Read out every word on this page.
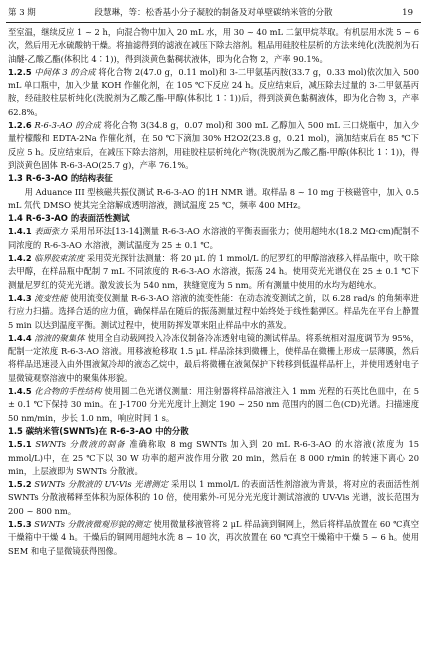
第 3 期	段慧琳，等：松香基小分子凝胶的制备及对单壁碳纳米管的分散	19

至室温，继续反应 1 ~ 2 h，向混合物中加入 20 mL 水，用 30 ~ 40 mL 二氯甲烷萃取。有机层用水洗 5 ~ 6 次，然后用无水硫酸钠干燥。将抽滤得到的滤液在减压下除去溶剂。粗品用硅胶柱层析的方法来纯化(洗脱剂为石油醚-乙酸乙酯(体积比 4∶1))，得到淡黄色黏稠状液体，即为化合物 2，产率 90.1%。

1.2.5 中间体 3 的合成 将化合物 2(47.0 g，0.11 mol)和 3-二甲氨基丙胺(33.7 g，0.33 mol)依次加入 500 mL 单口瓶中，加入少量 KOH 作催化剂，在 105 ℃下反应 24 h。反应结束后，减压除去过量的 3-二甲氨基丙胺，经硅胶柱层析纯化(洗脱剂为乙酸乙酯-甲醇(体积比 1∶1))后，得到淡黄色黏稠液体，即为化合物 3，产率 62.8%。

1.2.6 R-6-3-AO 的合成 将化合物 3(34.8 g，0.07 mol)和 300 mL 乙醇加入 500 mL 三口烧瓶中，加入少量柠檬酸和 EDTA-2Na 作催化剂，在 50 ℃下滴加 30% H2O2(23.8 g，0.21 mol)，滴加结束后在 85 ℃下反应 5 h。反应结束后，在减压下除去溶剂，用硅胶柱层析纯化产物(洗脱剂为乙酸乙酯-甲醇(体积比 1∶1))，得到淡黄色固体 R-6-3-AO(25.7 g)，产率 76.1%。

1.3 R-6-3-AO 的结构表征

用 Aduance III 型核磁共振仪测试 R-6-3-AO 的1H NMR 谱。取样品 8 ~ 10 mg 于核磁管中，加入 0.5 mL 氘代 DMSO 使其完全溶解成透明溶液，测试温度 25 ℃，频率 400 MHz。

1.4 R-6-3-AO 的表面活性测试

1.4.1 表面张力 采用吊环法[13-14]测量 R-6-3-AO 水溶液的平衡表面张力；使用超纯水(18.2 MΩ·cm)配制不同浓度的 R-6-3-AO 水溶液，测试温度为 25 ± 0.1 ℃。

1.4.2 临界胶束浓度 采用荧光探针法测量：将 20 μL 的 1 mmol/L 的尼罗红的甲醇溶液移入样品瓶中，吹干除去甲醇，在样品瓶中配制 7 mL 不同浓度的 R-6-3-AO 水溶液，振荡 24 h。使用荧光光谱仪在 25 ± 0.1 ℃下测量尼罗红的荧光光谱。激发波长为 540 nm，狭缝宽度为 5 nm。所有测量中使用的水均为超纯水。

1.4.3 流变性能 使用流变仪测量 R-6-3-AO 溶液的流变性能：在动态流变测试之前，以 6.28 rad/s 的角频率进行应力扫描。选择合适的应力值，确保样品在随后的振荡测量过程中始终处于线性黏弹区。样品先在平台上静置 5 min 以达到温度平衡。测试过程中，使用防挥发罩来阻止样品中水的蒸发。

1.4.4 溶液的聚集体 使用全自动载网投入冷冻仪制备冷冻透射电镜的测试样品。将系统相对湿度调节为 95%，配制一定浓度 R-6-3-AO 溶液。用移液枪移取 1.5 μL 样品涂抹到微栅上，使样品在微栅上形成一层薄膜，然后将样品迅速浸入由外围液氮冷却的液态乙烷中，最后将微栅在液氮保护下转移到低温样品杆上，并使用透射电子显微镜观察溶液中的聚集体形貌。

1.4.5 化合物的手性结构 使用圆二色光谱仪测量：用注射器将样品溶液注入 1 mm 光程的石英比色皿中，在 5 ± 0.1 ℃下保持 30 min。在 J-1700 分光光度计上测定 190 ~ 250 nm 范围内的圆二色(CD)光谱。扫描速度 50 nm/min，步长 1.0 nm，响应时间 1 s。

1.5 碳纳米管(SWNTs)在 R-6-3-AO 中的分散

1.5.1 SWNTs 分散液的制备 准确称取 8 mg SWNTs 加入到 20 mL R-6-3-AO 的水溶液(浓度为 15 mmol/L)中，在 25 ℃下以 30 W 功率的超声波作用分散 20 min，然后在 8 000 r/min 的转速下离心 20 min，上层液即为 SWNTs 分散液。

1.5.2 SWNTs 分散液的 UV-Vis 光谱测定 采用以 1 mmol/L 的表面活性剂溶液为背景，将对应的表面活性剂 SWNTs 分散液稀释至体积为原体积的 10 倍，使用紫外-可见分光光度计测试溶液的 UV-Vis 光谱，波长范围为 200 ~ 800 nm。

1.5.3 SWNTs 分散液微观形貌的测定 使用微量移液管将 2 μL 样品滴到铜网上，然后将样品放置在 60 ℃真空干燥箱中干燥 4 h。干燥后的铜网用超纯水洗 8 ~ 10 次，再次放置在 60 ℃真空干燥箱中干燥 5 ~ 6 h。使用 SEM 和电子显微镜获得图像。
